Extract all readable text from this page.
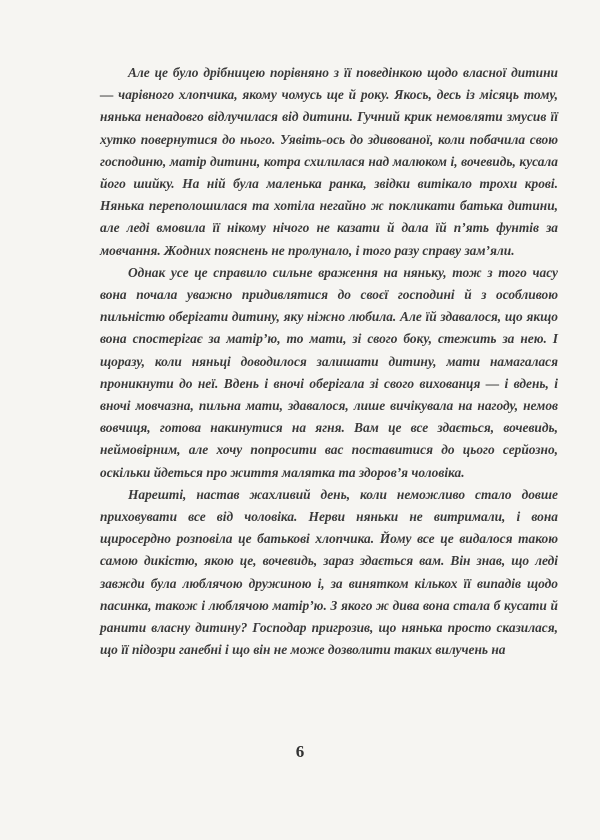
Але це було дрібницею порівняно з її поведінкою щодо власної дитини — чарівного хлопчика, якому чомусь ще й року. Якось, десь із місяць тому, нянька ненадовго відлучилася від дитини. Гучний крик немовляти змусив її хутко повернутися до нього. Уявіть-ось до здивованої, коли побачила свою господиню, матір дитини, котра схилилася над малюком і, вочевидь, кусала його шийку. На ній була маленька ранка, звідки витікало трохи крові. Нянька переполошилася та хотіла негайно ж покликати батька дитини, але леді вмовила її нікому нічого не казати й дала їй п’ять фунтів за мовчання. Жодних пояснень не пролунало, і того разу справу зам’яли.

Однак усе це справило сильне враження на няньку, тож з того часу вона почала уважно придивлятися до своєї господині й з особливою пильністю оберігати дитину, яку ніжно любила. Але їй здавалося, що якщо вона спостерігає за матір’ю, то мати, зі свого боку, стежить за нею. І щоразу, коли няньці доводилося залишати дитину, мати намагалася проникнути до неї. Вдень і вночі оберігала зі свого вихованця — і вдень, і вночі мовчазна, пильна мати, здавалося, лише вичікувала на нагоду, немов вовчиця, готова накинутися на ягня. Вам це все здається, вочевидь, неймовірним, але хочу попросити вас поставитися до цього серйозно, оскільки йдеться про життя малятка та здоров’я чоловіка.

Нарешті, настав жахливий день, коли неможливо стало довше приховувати все від чоловіка. Нерви няньки не витримали, і вона щиросердно розповіла це батькові хлопчика. Йому все це видалося такою самою дикістю, якою це, вочевидь, зараз здається вам. Він знав, що леді завжди була люблячою дружиною і, за винятком кількох її випадів щодо пасинка, також і люблячою матір’ю. З якого ж дива вона стала б кусати й ранити власну дитину? Господар пригрозив, що нянька просто сказилася, що її підозри ганебні і що він не може дозволити таких вилучень на

6
